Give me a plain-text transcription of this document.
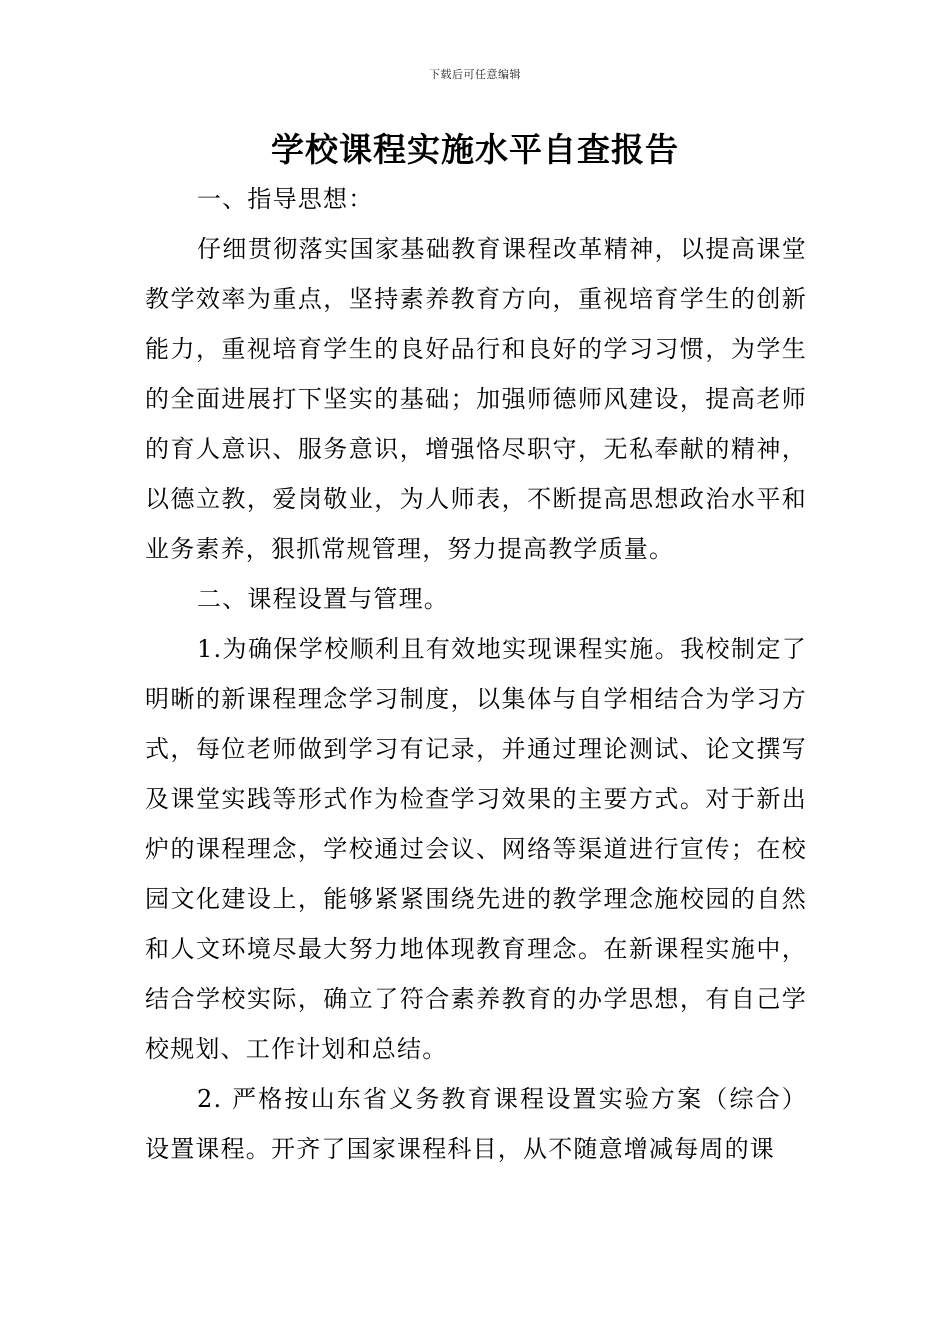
下载后可任意编辑
学校课程实施水平自查报告

一、指导思想：

仔细贯彻落实国家基础教育课程改革精神，以提高课堂教学效率为重点，坚持素养教育方向，重视培育学生的创新能力，重视培育学生的良好品行和良好的学习习惯，为学生的全面进展打下坚实的基础；加强师德师风建设，提高老师的育人意识、服务意识，增强恪尽职守，无私奉献的精神，以德立教，爱岗敬业，为人师表，不断提高思想政治水平和业务素养，狠抓常规管理，努力提高教学质量。

二、课程设置与管理。

1.为确保学校顺利且有效地实现课程实施。我校制定了明晰的新课程理念学习制度，以集体与自学相结合为学习方式，每位老师做到学习有记录，并通过理论测试、论文撰写及课堂实践等形式作为检查学习效果的主要方式。对于新出炉的课程理念，学校通过会议、网络等渠道进行宣传；在校园文化建设上，能够紧紧围绕先进的教学理念施校园的自然和人文环境尽最大努力地体现教育理念。在新课程实施中，结合学校实际，确立了符合素养教育的办学思想，有自己学校规划、工作计划和总结。

2. 严格按山东省义务教育课程设置实验方案（综合）设置课程。开齐了国家课程科目，从不随意增减每周的课
